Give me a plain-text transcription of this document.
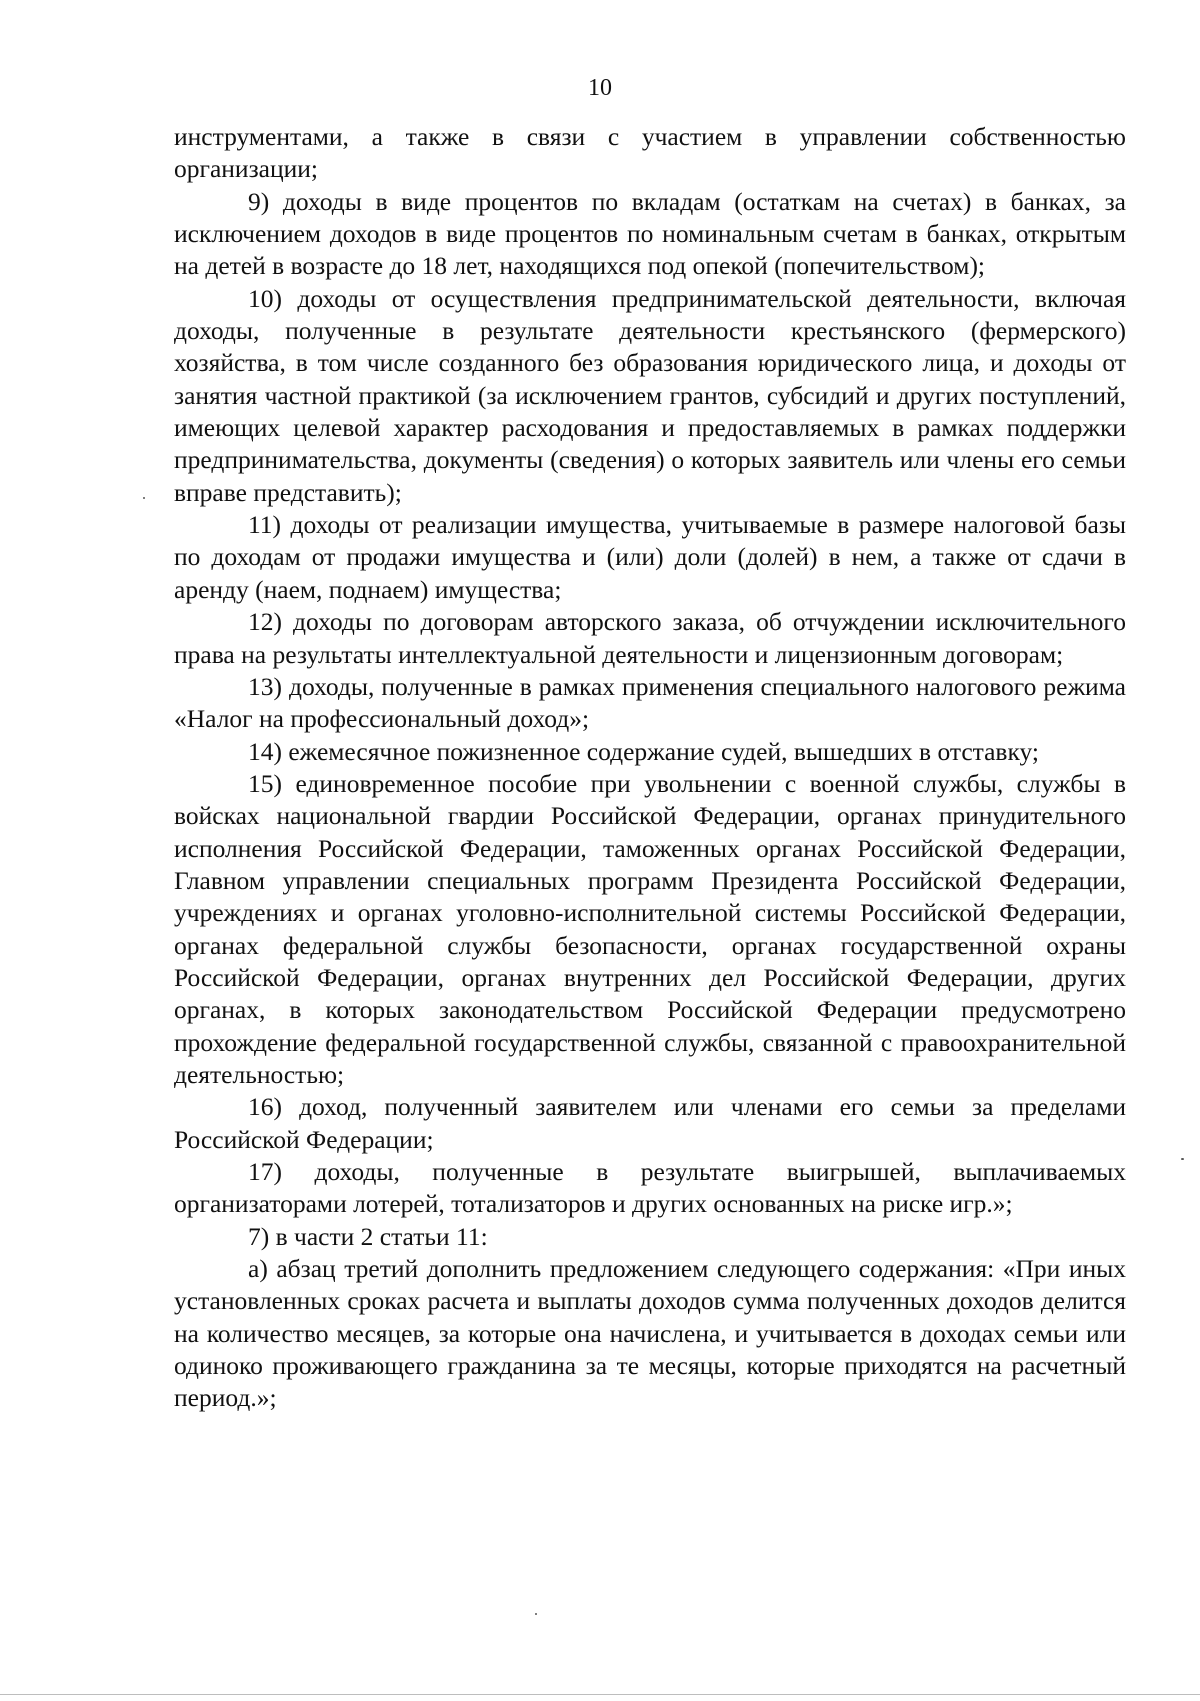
10

инструментами, а также в связи с участием в управлении собственностью организации;

9) доходы в виде процентов по вкладам (остаткам на счетах) в банках, за исключением доходов в виде процентов по номинальным счетам в банках, открытым на детей в возрасте до 18 лет, находящихся под опекой (попечительством);

10) доходы от осуществления предпринимательской деятельности, включая доходы, полученные в результате деятельности крестьянского (фермерского) хозяйства, в том числе созданного без образования юридического лица, и доходы от занятия частной практикой (за исключением грантов, субсидий и других поступлений, имеющих целевой характер расходования и предоставляемых в рамках поддержки предпринимательства, документы (сведения) о которых заявитель или члены его семьи вправе представить);

11) доходы от реализации имущества, учитываемые в размере налоговой базы по доходам от продажи имущества и (или) доли (долей) в нем, а также от сдачи в аренду (наем, поднаем) имущества;

12) доходы по договорам авторского заказа, об отчуждении исключительного права на результаты интеллектуальной деятельности и лицензионным договорам;

13) доходы, полученные в рамках применения специального налогового режима «Налог на профессиональный доход»;

14) ежемесячное пожизненное содержание судей, вышедших в отставку;

15) единовременное пособие при увольнении с военной службы, службы в войсках национальной гвардии Российской Федерации, органах принудительного исполнения Российской Федерации, таможенных органах Российской Федерации, Главном управлении специальных программ Президента Российской Федерации, учреждениях и органах уголовно-исполнительной системы Российской Федерации, органах федеральной службы безопасности, органах государственной охраны Российской Федерации, органах внутренних дел Российской Федерации, других органах, в которых законодательством Российской Федерации предусмотрено прохождение федеральной государственной службы, связанной с правоохранительной деятельностью;

16) доход, полученный заявителем или членами его семьи за пределами Российской Федерации;

17) доходы, полученные в результате выигрышей, выплачиваемых организаторами лотерей, тотализаторов и других основанных на риске игр.»;

7) в части 2 статьи 11:

а) абзац третий дополнить предложением следующего содержания: «При иных установленных сроках расчета и выплаты доходов сумма полученных доходов делится на количество месяцев, за которые она начислена, и учитывается в доходах семьи или одиноко проживающего гражданина за те месяцы, которые приходятся на расчетный период.»;
